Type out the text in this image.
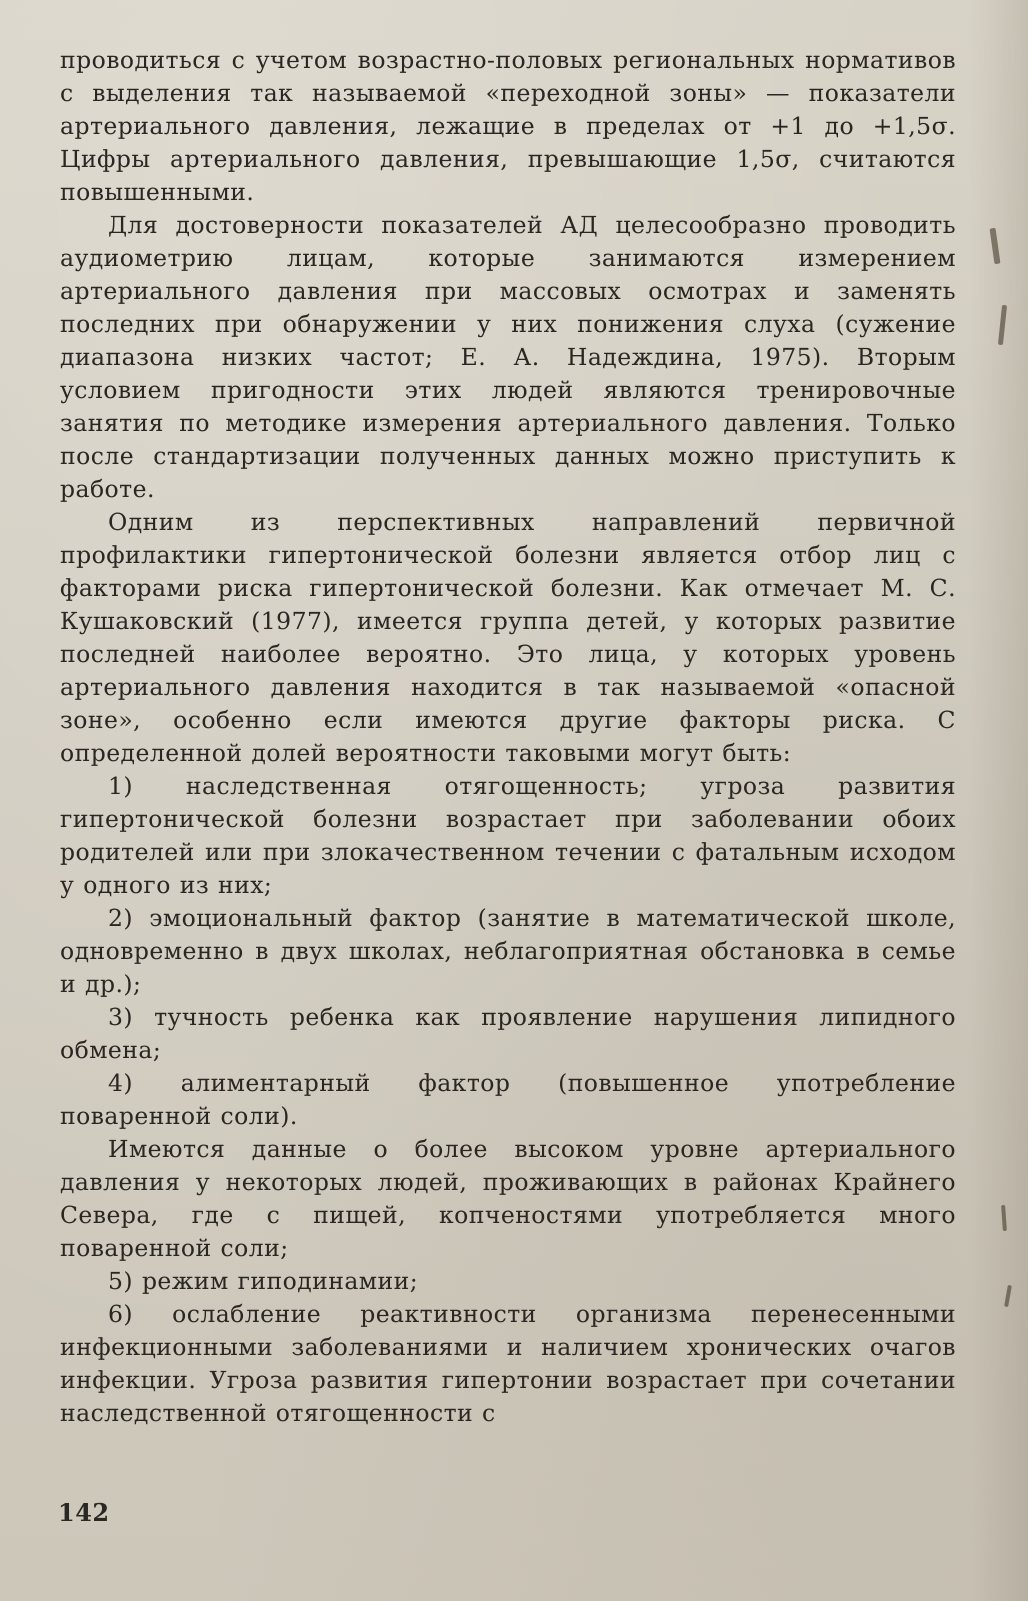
проводиться с учетом возрастно-половых региональных нормативов с выделения так называемой «переходной зоны» — показатели артериального давления, лежащие в пределах от +1 до +1,5σ. Цифры артериального давления, превышающие 1,5σ, считаются повышенными.

Для достоверности показателей АД целесообразно проводить аудиометрию лицам, которые занимаются измерением артериального давления при массовых осмотрах и заменять последних при обнаружении у них понижения слуха (сужение диапазона низких частот; Е. А. Надеждина, 1975). Вторым условием пригодности этих людей являются тренировочные занятия по методике измерения артериального давления. Только после стандартизации полученных данных можно приступить к работе.

Одним из перспективных направлений первичной профилактики гипертонической болезни является отбор лиц с факторами риска гипертонической болезни. Как отмечает М. С. Кушаковский (1977), имеется группа детей, у которых развитие последней наиболее вероятно. Это лица, у которых уровень артериального давления находится в так называемой «опасной зоне», особенно если имеются другие факторы риска. С определенной долей вероятности таковыми могут быть:

1) наследственная отягощенность; угроза развития гипертонической болезни возрастает при заболевании обоих родителей или при злокачественном течении с фатальным исходом у одного из них;

2) эмоциональный фактор (занятие в математической школе, одновременно в двух школах, неблагоприятная обстановка в семье и др.);

3) тучность ребенка как проявление нарушения липидного обмена;

4) алиментарный фактор (повышенное употребление поваренной соли).

Имеются данные о более высоком уровне артериального давления у некоторых людей, проживающих в районах Крайнего Севера, где с пищей, копченостями употребляется много поваренной соли;

5) режим гиподинамии;

6) ослабление реактивности организма перенесенными инфекционными заболеваниями и наличием хронических очагов инфекции. Угроза развития гипертонии возрастает при сочетании наследственной отягощенности с

142
